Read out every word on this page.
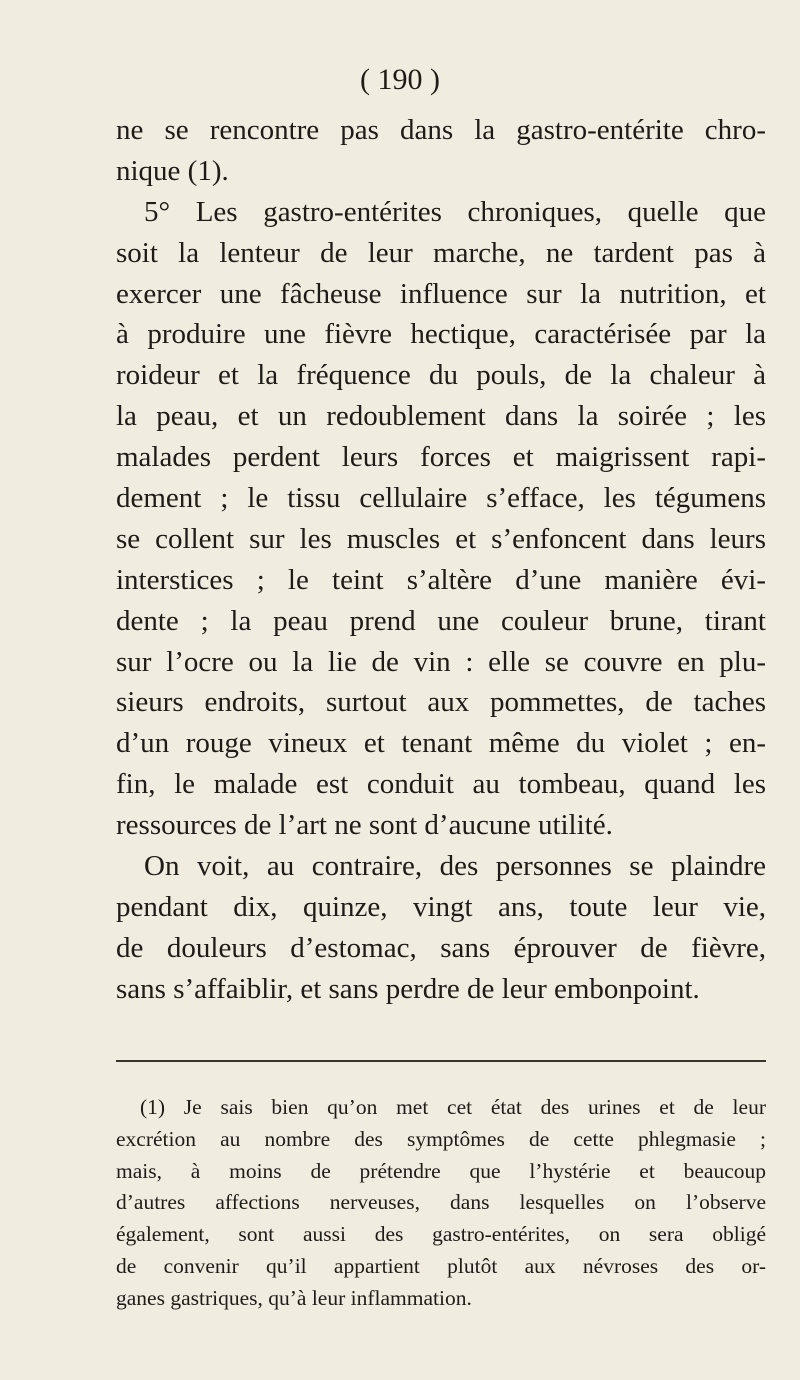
( 190 )
ne se rencontre pas dans la gastro-entérite chro-
nique (1).
5° Les gastro-entérites chroniques, quelle que
soit la lenteur de leur marche, ne tardent pas à
exercer une fâcheuse influence sur la nutrition, et
à produire une fièvre hectique, caractérisée par la
roideur et la fréquence du pouls, de la chaleur à
la peau, et un redoublement dans la soirée ; les
malades perdent leurs forces et maigrissent rapi-
dement ; le tissu cellulaire s’efface, les tégumens
se collent sur les muscles et s’enfoncent dans leurs
interstices ; le teint s’altère d’une manière évi-
dente ; la peau prend une couleur brune, tirant
sur l’ocre ou la lie de vin : elle se couvre en plu-
sieurs endroits, surtout aux pommettes, de taches
d’un rouge vineux et tenant même du violet ; en-
fin, le malade est conduit au tombeau, quand les
ressources de l’art ne sont d’aucune utilité.
On voit, au contraire, des personnes se plaindre
pendant dix, quinze, vingt ans, toute leur vie,
de douleurs d’estomac, sans éprouver de fièvre,
sans s’affaiblir, et sans perdre de leur embonpoint.
(1) Je sais bien qu’on met cet état des urines et de leur
excrétion au nombre des symptômes de cette phlegmasie ;
mais, à moins de prétendre que l’hystérie et beaucoup
d’autres affections nerveuses, dans lesquelles on l’observe
également, sont aussi des gastro-entérites, on sera obligé
de convenir qu’il appartient plutôt aux névroses des or-
ganes gastriques, qu’à leur inflammation.
